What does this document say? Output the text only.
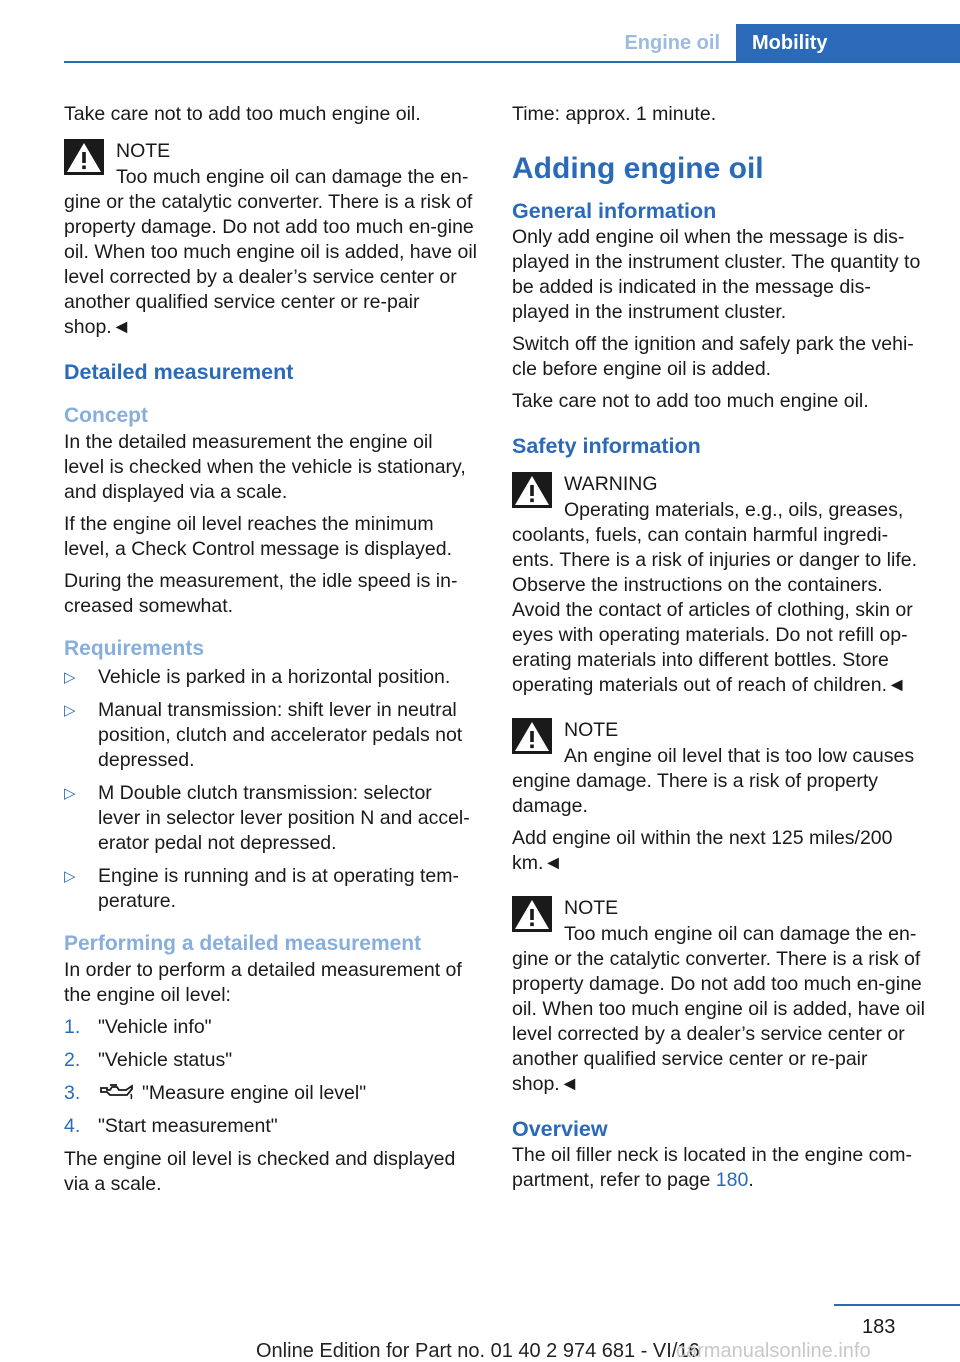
Engine oil	Mobility

Take care not to add too much engine oil.

NOTE
Too much engine oil can damage the en‐
gine or the catalytic converter. There is a risk of property damage. Do not add too much en‐gine oil. When too much engine oil is added, have oil level corrected by a dealer’s service center or another qualified service center or re‐pair shop.◄
Detailed measurement
Concept

In the detailed measurement the engine oil level is checked when the vehicle is stationary, and displayed via a scale.

If the engine oil level reaches the minimum level, a Check Control message is displayed.

During the measurement, the idle speed is in‐creased somewhat.

Requirements
▷ Vehicle is parked in a horizontal position.
▷ Manual transmission: shift lever in neutral position, clutch and accelerator pedals not depressed.
▷ M Double clutch transmission: selector lever in selector lever position N and accel‐erator pedal not depressed.
▷ Engine is running and is at operating tem‐perature.
Performing a detailed measurement

In order to perform a detailed measurement of the engine oil level:

1. "Vehicle info"
2. "Vehicle status"
3.	"Measure engine oil level"
4. "Start measurement"

The engine oil level is checked and displayed via a scale.

Time: approx. 1 minute.

Adding engine oil
General information

Only add engine oil when the message is dis‐played in the instrument cluster. The quantity to be added is indicated in the message dis‐played in the instrument cluster.

Switch off the ignition and safely park the vehi‐cle before engine oil is added.

Take care not to add too much engine oil.

Safety information
WARNING
Operating materials, e.g., oils, greases,
coolants, fuels, can contain harmful ingredi‐ents. There is a risk of injuries or danger to life. Observe the instructions on the containers. Avoid the contact of articles of clothing, skin or eyes with operating materials. Do not refill op‐erating materials into different bottles. Store operating materials out of reach of children.◄
NOTE
An engine oil level that is too low causes
engine damage. There is a risk of property damage.

Add engine oil within the next 125 miles/200 km.◄

NOTE
Too much engine oil can damage the en‐
gine or the catalytic converter. There is a risk of property damage. Do not add too much en‐gine oil. When too much engine oil is added, have oil level corrected by a dealer’s service center or another qualified service center or re‐pair shop.◄
Overview

The oil filler neck is located in the engine com‐partment, refer to page 180.

183
Online Edition for Part no. 01 40 2 974 681 - VI/16
carmanualsonline.info
